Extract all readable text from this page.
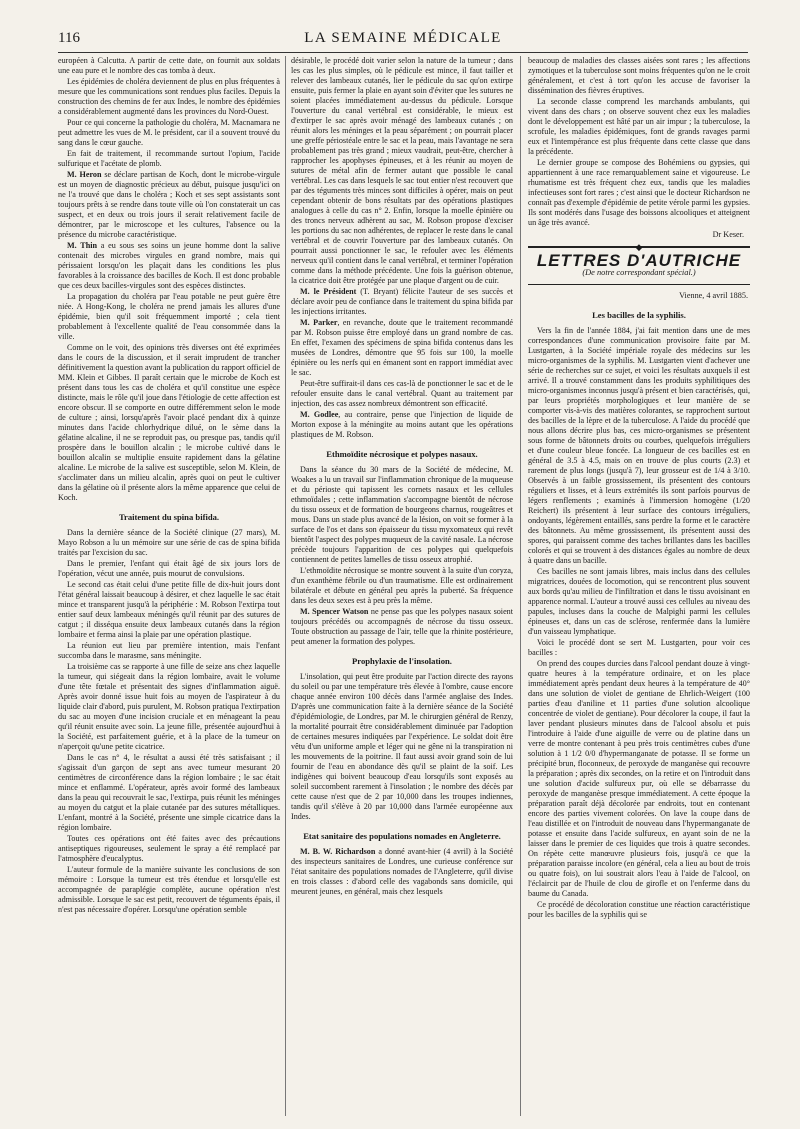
116	LA SEMAINE MÉDICALE

européen à Calcutta. A partir de cette date, on fournit aux soldats une eau pure et le nombre des cas tomba à deux.

Les épidémies de choléra deviennent de plus en plus fréquentes à mesure que les communications sont rendues plus faciles. Depuis la construction des chemins de fer aux Indes, le nombre des épidémies a considérablement augmenté dans les provinces du Nord-Ouest.

Pour ce qui concerne la pathologie du choléra, M. Macnamara ne peut admettre les vues de M. le président, car il a souvent trouvé du sang dans le cœur gauche.

En fait de traitement, il recommande surtout l'opium, l'acide sulfurique et l'acétate de plomb.

M. Heron se déclare partisan de Koch, dont le microbe-virgule est un moyen de diagnostic précieux au début, puisque jusqu'ici on ne l'a trouvé que dans le choléra ; Koch et ses sept assistants sont toujours prêts à se rendre dans toute ville où l'on constaterait un cas suspect, et en deux ou trois jours il serait relativement facile de démontrer, par le microscope et les cultures, l'absence ou la présence du microbe caractéristique.

M. Thin a eu sous ses soins un jeune homme dont la salive contenait des microbes virgules en grand nombre, mais qui périssaient lorsqu'on les plaçait dans les conditions les plus favorables à la croissance des bacilles de Koch. Il est donc probable que ces deux bacilles-virgules sont des espèces distinctes.

La propagation du choléra par l'eau potable ne peut guère être niée. A Hong-Kong, le choléra ne prend jamais les allures d'une épidémie, bien qu'il soit fréquemment importé ; cela tient probablement à l'excellente qualité de l'eau consommée dans la ville.

Comme on le voit, des opinions très diverses ont été exprimées dans le cours de la discussion, et il serait imprudent de trancher définitivement la question avant la publication du rapport officiel de MM. Klein et Gibbes. Il paraît certain que le microbe de Koch est présent dans tous les cas de choléra et qu'il constitue une espèce distincte, mais le rôle qu'il joue dans l'étiologie de cette affection est encore obscur. Il se comporte en outre différemment selon le mode de culture ; ainsi, lorsqu'après l'avoir placé pendant dix à quinze minutes dans l'acide chlorhydrique dilué, on le sème dans la gélatine alcaline, il ne se reproduit pas, ou presque pas, tandis qu'il prospère dans le bouillon alcalin ; le microbe cultivé dans le bouillon alcalin se multiplie ensuite rapidement dans la gélatine alcaline. Le microbe de la salive est susceptible, selon M. Klein, de s'acclimater dans un milieu alcalin, après quoi on peut le cultiver dans la gélatine où il présente alors la même apparence que celui de Koch.

Traitement du spina bifida.

Dans la dernière séance de la Société clinique (27 mars), M. Mayo Robson a lu un mémoire sur une série de cas de spina bifida traités par l'excision du sac.

Dans le premier, l'enfant qui était âgé de six jours lors de l'opération, vécut une année, puis mourut de convulsions.

Le second cas était celui d'une petite fille de dix-huit jours dont l'état général laissait beaucoup à désirer, et chez laquelle le sac était mince et transparent jusqu'à la périphérie : M. Robson l'extirpa tout entier sauf deux lambeaux méningés qu'il réunit par des sutures de catgut ; il disséqua ensuite deux lambeaux cutanés dans la région lombaire et ferma ainsi la plaie par une opération plastique.

La réunion eut lieu par première intention, mais l'enfant succomba dans le marasme, sans méningite.

La troisième cas se rapporte à une fille de seize ans chez laquelle la tumeur, qui siégeait dans la région lombaire, avait le volume d'une tête fœtale et présentait des signes d'inflammation aiguë. Après avoir donné issue huit fois au moyen de l'aspirateur à du liquide clair d'abord, puis purulent, M. Robson pratiqua l'extirpation du sac au moyen d'une incision cruciale et en ménageant la peau qu'il réunit ensuite avec soin. La jeune fille, présentée aujourd'hui à la Société, est parfaitement guérie, et à la place de la tumeur on n'aperçoit qu'une petite cicatrice.

Dans le cas n° 4, le résultat a aussi été très satisfaisant ; il s'agissait d'un garçon de sept ans avec tumeur mesurant 20 centimètres de circonférence dans la région lombaire ; le sac était mince et enflammé. L'opérateur, après avoir formé des lambeaux dans la peau qui recouvrait le sac, l'extirpa, puis réunit les méninges au moyen du catgut et la plaie cutanée par des sutures métalliques. L'enfant, montré à la Société, présente une simple cicatrice dans la région lombaire.

Toutes ces opérations ont été faites avec des précautions antiseptiques rigoureuses, seulement le spray a été remplacé par l'atmosphère d'eucalyptus.

L'auteur formule de la manière suivante les conclusions de son mémoire : Lorsque la tumeur est très étendue et lorsqu'elle est accompagnée de paraplégie complète, aucune opération n'est admissible. Lorsque le sac est petit, recouvert de téguments épais, il n'est pas nécessaire d'opérer. Lorsqu'une opération semble

désirable, le procédé doit varier selon la nature de la tumeur ; dans les cas les plus simples, où le pédicule est mince, il faut tailler et relever des lambeaux cutanés, lier le pédicule du sac qu'on extirpe ensuite, puis fermer la plaie en ayant soin d'éviter que les sutures ne soient placées immédiatement au-dessus du pédicule. Lorsque l'ouverture du canal vertébral est considérable, le mieux est d'extirper le sac après avoir ménagé des lambeaux cutanés ; on réunit alors les méninges et la peau séparément ; on pourrait placer une greffe périostéale entre le sac et la peau, mais l'avantage ne sera probablement pas très grand ; mieux vaudrait, peut-être, chercher à rapprocher les apophyses épineuses, et à les réunir au moyen de sutures de métal afin de fermer autant que possible le canal vertébral. Les cas dans lesquels le sac tout entier n'est recouvert que par des téguments très minces sont difficiles à opérer, mais on peut cependant obtenir de bons résultats par des opérations plastiques analogues à celle du cas n° 2. Enfin, lorsque la moelle épinière ou des troncs nerveux adhèrent au sac, M. Robson propose d'exciser les portions du sac non adhérentes, de replacer le reste dans le canal vertébral et de couvrir l'ouverture par des lambeaux cutanés. On pourrait aussi ponctionner le sac, le refouler avec les éléments nerveux qu'il contient dans le canal vertébral, et terminer l'opération comme dans la méthode précédente. Une fois la guérison obtenue, la cicatrice doit être protégée par une plaque d'argent ou de cuir.

M. le Président (T. Bryant) félicite l'auteur de ses succès et déclare avoir peu de confiance dans le traitement du spina bifida par les injections irritantes.

M. Parker, en revanche, doute que le traitement recommandé par M. Robson puisse être employé dans un grand nombre de cas. En effet, l'examen des spécimens de spina bifida contenus dans les musées de Londres, démontre que 95 fois sur 100, la moelle épinière ou les nerfs qui en émanent sont en rapport immédiat avec le sac.

Peut-être suffirait-il dans ces cas-là de ponctionner le sac et de le refouler ensuite dans le canal vertébral. Quant au traitement par injection, des cas assez nombreux démontrent son efficacité.

M. Godlee, au contraire, pense que l'injection de liquide de Morton expose à la méningite au moins autant que les opérations plastiques de M. Robson.

Ethmoïdite nécrosique et polypes nasaux.

Dans la séance du 30 mars de la Société de médecine, M. Woakes a lu un travail sur l'inflammation chronique de la muqueuse et du périoste qui tapissent les cornets nasaux et les cellules ethmoïdales ; cette inflammation s'accompagne bientôt de nécrose du tissu osseux et de formation de bourgeons charnus, rougeâtres et mous. Dans un stade plus avancé de la lésion, on voit se former à la surface de l'os et dans son épaisseur du tissu myxomateux qui revêt bientôt l'aspect des polypes muqueux de la cavité nasale. La nécrose précède toujours l'apparition de ces polypes qui quelquefois contiennent de petites lamelles de tissu osseux atrophié.

L'ethmoïdite nécrosique se montre souvent à la suite d'un coryza, d'un exanthème fébrile ou d'un traumatisme. Elle est ordinairement bilatérale et débute en général peu après la puberté. Sa fréquence dans les deux sexes est à peu près la même.

M. Spencer Watson ne pense pas que les polypes nasaux soient toujours précédés ou accompagnés de nécrose du tissu osseux. Toute obstruction au passage de l'air, telle que la rhinite postérieure, peut amener la formation des polypes.

Prophylaxie de l'insolation.

L'insolation, qui peut être produite par l'action directe des rayons du soleil ou par une température très élevée à l'ombre, cause encore chaque année environ 100 décès dans l'armée anglaise des Indes. D'après une communication faite à la dernière séance de la Société d'épidémiologie, de Londres, par M. le chirurgien général de Renzy, la mortalité pourrait être considérablement diminuée par l'adoption de certaines mesures indiquées par l'expérience. Le soldat doit être vêtu d'un uniforme ample et léger qui ne gêne ni la transpiration ni les mouvements de la poitrine. Il faut aussi avoir grand soin de lui fournir de l'eau en abondance dès qu'il se plaint de la soif. Les indigènes qui boivent beaucoup d'eau lorsqu'ils sont exposés au soleil succombent rarement à l'insolation ; le nombre des décès par cette cause n'est que de 2 par 10,000 dans les troupes indiennes, tandis qu'il s'élève à 20 par 10,000 dans l'armée européenne aux Indes.

Etat sanitaire des populations nomades en Angleterre.

M. B. W. Richardson a donné avant-hier (4 avril) à la Société des inspecteurs sanitaires de Londres, une curieuse conférence sur l'état sanitaire des populations nomades de l'Angleterre, qu'il divise en trois classes : d'abord celle des vagabonds sans domicile, qui meurent jeunes, en général, mais chez lesquels

beaucoup de maladies des classes aisées sont rares ; les affections zymotiques et la tuberculose sont moins fréquentes qu'on ne le croit généralement, et c'est à tort qu'on les accuse de favoriser la dissémination des fièvres éruptives.

La seconde classe comprend les marchands ambulants, qui vivent dans des chars ; on observe souvent chez eux les maladies dont le développement est hâté par un air impur ; la tuberculose, la scrofule, les maladies épidémiques, font de grands ravages parmi eux et l'intempérance est plus fréquente dans cette classe que dans la précédente.

Le dernier groupe se compose des Bohémiens ou gypsies, qui appartiennent à une race remarquablement saine et vigoureuse. Le rhumatisme est très fréquent chez eux, tandis que les maladies infectieuses sont fort rares ; c'est ainsi que le docteur Richardson ne connaît pas d'exemple d'épidémie de petite vérole parmi les gypsies. Ils sont modérés dans l'usage des boissons alcooliques et atteignent un âge très avancé.

Dr Keser.
◆
LETTRES D'AUTRICHE
(De notre correspondant spécial.)
Vienne, 4 avril 1885.
Les bacilles de la syphilis.

Vers la fin de l'année 1884, j'ai fait mention dans une de mes correspondances d'une communication provisoire faite par M. Lustgarten, à la Société impériale royale des médecins sur les micro-organismes de la syphilis. M. Lustgarten vient d'achever une série de recherches sur ce sujet, et voici les résultats auxquels il est arrivé. Il a trouvé constamment dans les produits syphilitiques des micro-organismes inconnus jusqu'à présent et bien caractérisés, qui, par leurs propriétés morphologiques et leur manière de se comporter vis-à-vis des matières colorantes, se rapprochent surtout des bacilles de la lèpre et de la tuberculose. A l'aide du procédé que nous allons décrire plus bas, ces micro-organismes se présentent sous forme de bâtonnets droits ou courbes, quelquefois irréguliers et d'une couleur bleue foncée. La longueur de ces bacilles est en général de 3.5 à 4.5, mais on en trouve de plus courts (2.3) et rarement de plus longs (jusqu'à 7), leur grosseur est de 1/4 à 3/10. Observés à un faible grossissement, ils présentent des contours réguliers et lisses, et à leurs extrémités ils sont parfois pourvus de légers renflements ; examinés à l'immersion homogène (1/20 Reichert) ils présentent à leur surface des contours irréguliers, ondoyants, légèrement entaillés, sans perdre la forme et le caractère des bâtonnets. Au même grossissement, ils présentent aussi des spores, qui paraissent comme des taches brillantes dans les bacilles colorés et qui se trouvent à des distances égales au nombre de deux à quatre dans un bacille.

Ces bacilles ne sont jamais libres, mais inclus dans des cellules migratrices, douées de locomotion, qui se rencontrent plus souvent aux bords qu'au milieu de l'infiltration et dans le tissu avoisinant en apparence normal. L'auteur a trouvé aussi ces cellules au niveau des papules, incluses dans la couche de Malpighi parmi les cellules épineuses et, dans un cas de sclérose, renfermée dans la lumière d'un vaisseau lymphatique.

Voici le procédé dont se sert M. Lustgarten, pour voir ces bacilles :

On prend des coupes durcies dans l'alcool pendant douze à vingt-quatre heures à la température ordinaire, et on les place immédiatement après pendant deux heures à la température de 40° dans une solution de violet de gentiane de Ehrlich-Weigert (100 parties d'eau d'aniline et 11 parties d'une solution alcoolique concentrée de violet de gentiane). Pour décolorer la coupe, il faut la laver pendant plusieurs minutes dans de l'alcool absolu et puis l'introduire à l'aide d'une aiguille de verre ou de platine dans un verre de montre contenant à peu près trois centimètres cubes d'une solution à 1 1/2 0/0 d'hypermanganate de potasse. Il se forme un précipité brun, floconneux, de peroxyde de manganèse qui recouvre la préparation ; après dix secondes, on la retire et on l'introduit dans une solution d'acide sulfureux pur, où elle se débarrasse du peroxyde de manganèse presque immédiatement. A cette époque la préparation paraît déjà décolorée par endroits, tout en contenant encore des parties vivement colorées. On lave la coupe dans de l'eau distillée et on l'introduit de nouveau dans l'hypermanganate de potasse et ensuite dans l'acide sulfureux, en ayant soin de ne la laisser dans le premier de ces liquides que trois à quatre secondes. On répète cette manœuvre plusieurs fois, jusqu'à ce que la préparation paraisse incolore (en général, cela a lieu au bout de trois ou quatre fois), on lui soustrait alors l'eau à l'aide de l'alcool, on l'éclaircit par de l'huile de clou de girofle et on l'enferme dans du baume du Canada.

Ce procédé de décoloration constitue une réaction caractéristique pour les bacilles de la syphilis qui se
